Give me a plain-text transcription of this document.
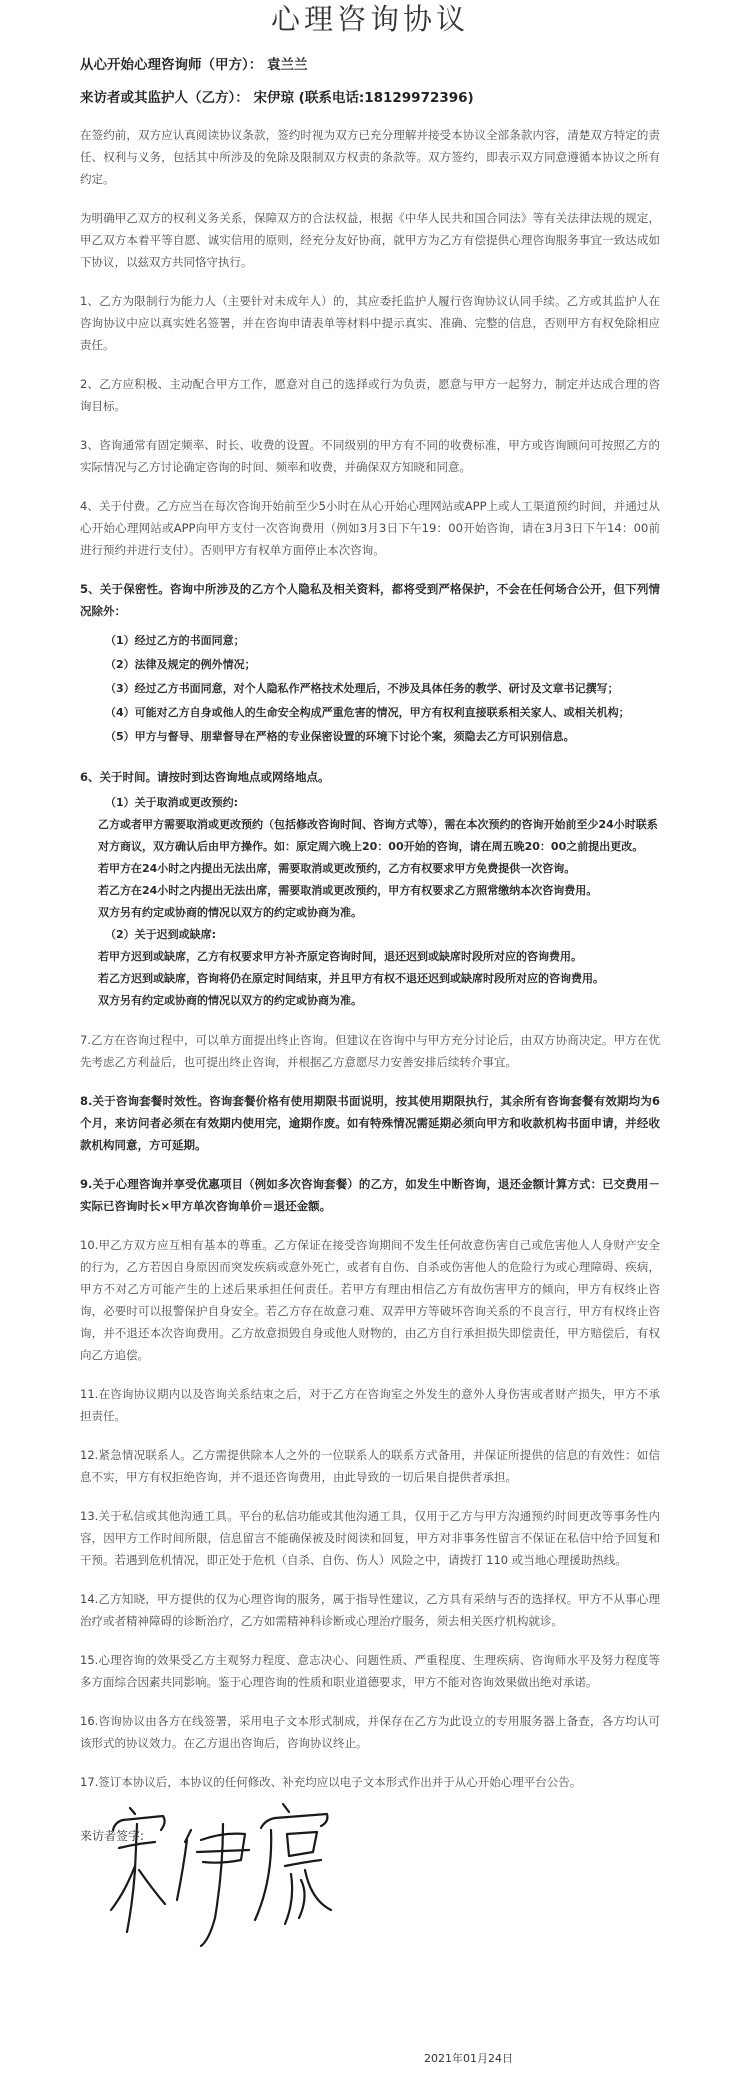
心理咨询协议
从心开始心理咨询师（甲方）： 袁兰兰
来访者或其监护人（乙方）： 宋伊琼 (联系电话:18129972396)

在签约前，双方应认真阅读协议条款，签约时视为双方已充分理解并接受本协议全部条款内容，清楚双方特定的责任、权利与义务，包括其中所涉及的免除及限制双方权责的条款等。双方签约，即表示双方同意遵循本协议之所有约定。

为明确甲乙双方的权利义务关系，保障双方的合法权益，根据《中华人民共和国合同法》等有关法律法规的规定，甲乙双方本着平等自愿、诚实信用的原则，经充分友好协商，就甲方为乙方有偿提供心理咨询服务事宜一致达成如下协议，以兹双方共同恪守执行。

1、乙方为限制行为能力人（主要针对未成年人）的，其应委托监护人履行咨询协议认同手续。乙方或其监护人在咨询协议中应以真实姓名签署，并在咨询申请表单等材料中提示真实、准确、完整的信息，否则甲方有权免除相应责任。

2、乙方应积极、主动配合甲方工作，愿意对自己的选择或行为负责，愿意与甲方一起努力，制定并达成合理的咨询目标。

3、咨询通常有固定频率、时长、收费的设置。不同级别的甲方有不同的收费标准，甲方或咨询顾问可按照乙方的实际情况与乙方讨论确定咨询的时间、频率和收费，并确保双方知晓和同意。

4、关于付费。乙方应当在每次咨询开始前至少5小时在从心开始心理网站或APP上或人工渠道预约时间，并通过从心开始心理网站或APP向甲方支付一次咨询费用（例如3月3日下午19：00开始咨询，请在3月3日下午14：00前进行预约并进行支付）。否则甲方有权单方面停止本次咨询。

5、关于保密性。咨询中所涉及的乙方个人隐私及相关资料，都将受到严格保护，不会在任何场合公开，但下列情况除外：

（1）经过乙方的书面同意；
（2）法律及规定的例外情况；
（3）经过乙方书面同意，对个人隐私作严格技术处理后，不涉及具体任务的教学、研讨及文章书记撰写；
（4）可能对乙方自身或他人的生命安全构成严重危害的情况，甲方有权利直接联系相关家人、或相关机构；
（5）甲方与督导、朋辈督导在严格的专业保密设置的环境下讨论个案，须隐去乙方可识别信息。

6、关于时间。请按时到达咨询地点或网络地点。

（1）关于取消或更改预约:

乙方或者甲方需要取消或更改预约（包括修改咨询时间、咨询方式等），需在本次预约的咨询开始前至少24小时联系对方商议，双方确认后由甲方操作。如：原定周六晚上20：00开始的咨询，请在周五晚20：00之前提出更改。

若甲方在24小时之内提出无法出席，需要取消或更改预约，乙方有权要求甲方免费提供一次咨询。

若乙方在24小时之内提出无法出席，需要取消或更改预约，甲方有权要求乙方照常缴纳本次咨询费用。

双方另有约定或协商的情况以双方的约定或协商为准。

（2）关于迟到或缺席:

若甲方迟到或缺席，乙方有权要求甲方补齐原定咨询时间，退还迟到或缺席时段所对应的咨询费用。

若乙方迟到或缺席，咨询将仍在原定时间结束，并且甲方有权不退还迟到或缺席时段所对应的咨询费用。

双方另有约定或协商的情况以双方的约定或协商为准。

7.乙方在咨询过程中，可以单方面提出终止咨询。但建议在咨询中与甲方充分讨论后，由双方协商决定。甲方在优先考虑乙方利益后，也可提出终止咨询，并根据乙方意愿尽力安善安排后续转介事宜。

8.关于咨询套餐时效性。咨询套餐价格有使用期限书面说明，按其使用期限执行，其余所有咨询套餐有效期均为6个月，来访问者必须在有效期内使用完，逾期作废。如有特殊情况需延期必须向甲方和收款机构书面申请，并经收款机构同意，方可延期。

9.关于心理咨询并享受优惠项目（例如多次咨询套餐）的乙方，如发生中断咨询，退还金额计算方式：已交费用－实际已咨询时长×甲方单次咨询单价＝退还金额。

10.甲乙方双方应互相有基本的尊重。乙方保证在接受咨询期间不发生任何故意伤害自己或危害他人人身财产安全的行为，乙方若因自身原因而突发疾病或意外死亡，或者有自伤、自杀或伤害他人的危险行为或心理障碍、疾病，甲方不对乙方可能产生的上述后果承担任何责任。若甲方有理由相信乙方有故伤害甲方的倾向，甲方有权终止咨询，必要时可以报警保护自身安全。若乙方存在故意刁难、双弄甲方等破坏咨询关系的不良言行，甲方有权终止咨询，并不退还本次咨询费用。乙方故意损毁自身或他人财物的，由乙方自行承担损失即偿责任，甲方赔偿后，有权向乙方追偿。

11.在咨询协议期内以及咨询关系结束之后，对于乙方在咨询室之外发生的意外人身伤害或者财产损失，甲方不承担责任。

12.紧急情况联系人。乙方需提供除本人之外的一位联系人的联系方式备用，并保证所提供的信息的有效性：如信息不实，甲方有权拒绝咨询，并不退还咨询费用，由此导致的一切后果自提供者承担。

13.关于私信或其他沟通工具。平台的私信功能或其他沟通工具，仅用于乙方与甲方沟通预约时间更改等事务性内容，因甲方工作时间所限，信息留言不能确保被及时阅读和回复，甲方对非事务性留言不保证在私信中给予回复和干预。若遇到危机情况，即正处于危机（自杀、自伤、伤人）风险之中，请拨打 110 或当地心理援助热线。

14.乙方知晓，甲方提供的仅为心理咨询的服务，属于指导性建议，乙方具有采纳与否的选择权。甲方不从事心理治疗或者精神障碍的诊断治疗，乙方如需精神科诊断或心理治疗服务，须去相关医疗机构就诊。

15.心理咨询的效果受乙方主观努力程度、意志决心、问题性质、严重程度、生理疾病、咨询师水平及努力程度等多方面综合因素共同影响。鉴于心理咨询的性质和职业道德要求，甲方不能对咨询效果做出绝对承诺。

16.咨询协议由各方在线签署，采用电子文本形式制成，并保存在乙方为此设立的专用服务器上备查，各方均认可该形式的协议效力。在乙方退出咨询后，咨询协议终止。

17.签订本协议后，本协议的任何修改、补充均应以电子文本形式作出并于从心开始心理平台公告。

来访者签字:
2021年01月24日
